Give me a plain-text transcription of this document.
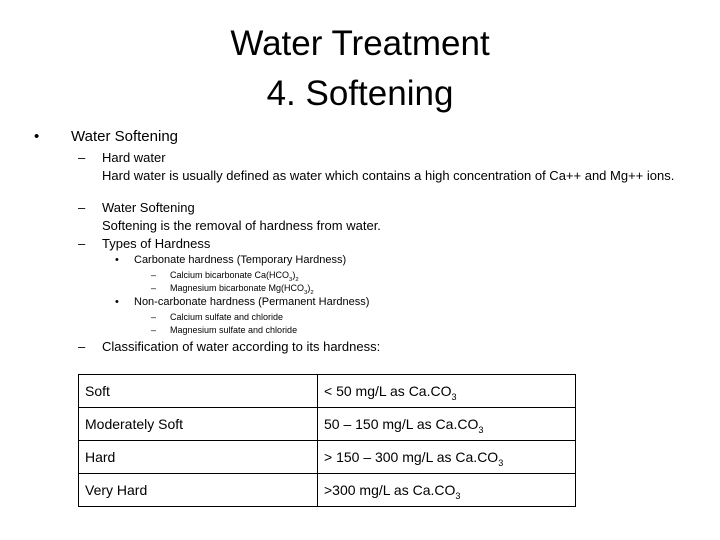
Water Treatment
4. Softening
• Water Softening
– Hard water
Hard water is usually defined as water which contains a high concentration of Ca++ and Mg++ ions.
– Water Softening
Softening is the removal of hardness from water.
– Types of Hardness
• Carbonate hardness (Temporary Hardness)
– Calcium bicarbonate $Ca(HCO_3)_2$
– Magnesium bicarbonate $Mg(HCO_3)_2$
• Non-carbonate hardness (Permanent Hardness)
– Calcium sulfate and chloride
– Magnesium sulfate and chloride
– Classification of water according to its hardness:
Soft	< 50 mg/L as $Ca.CO_3$
Moderately Soft	50 – 150 mg/L as $Ca.CO_3$
Hard	> 150 – 300 mg/L as $Ca.CO_3$
Very Hard	>300 mg/L as $Ca.CO_3$
